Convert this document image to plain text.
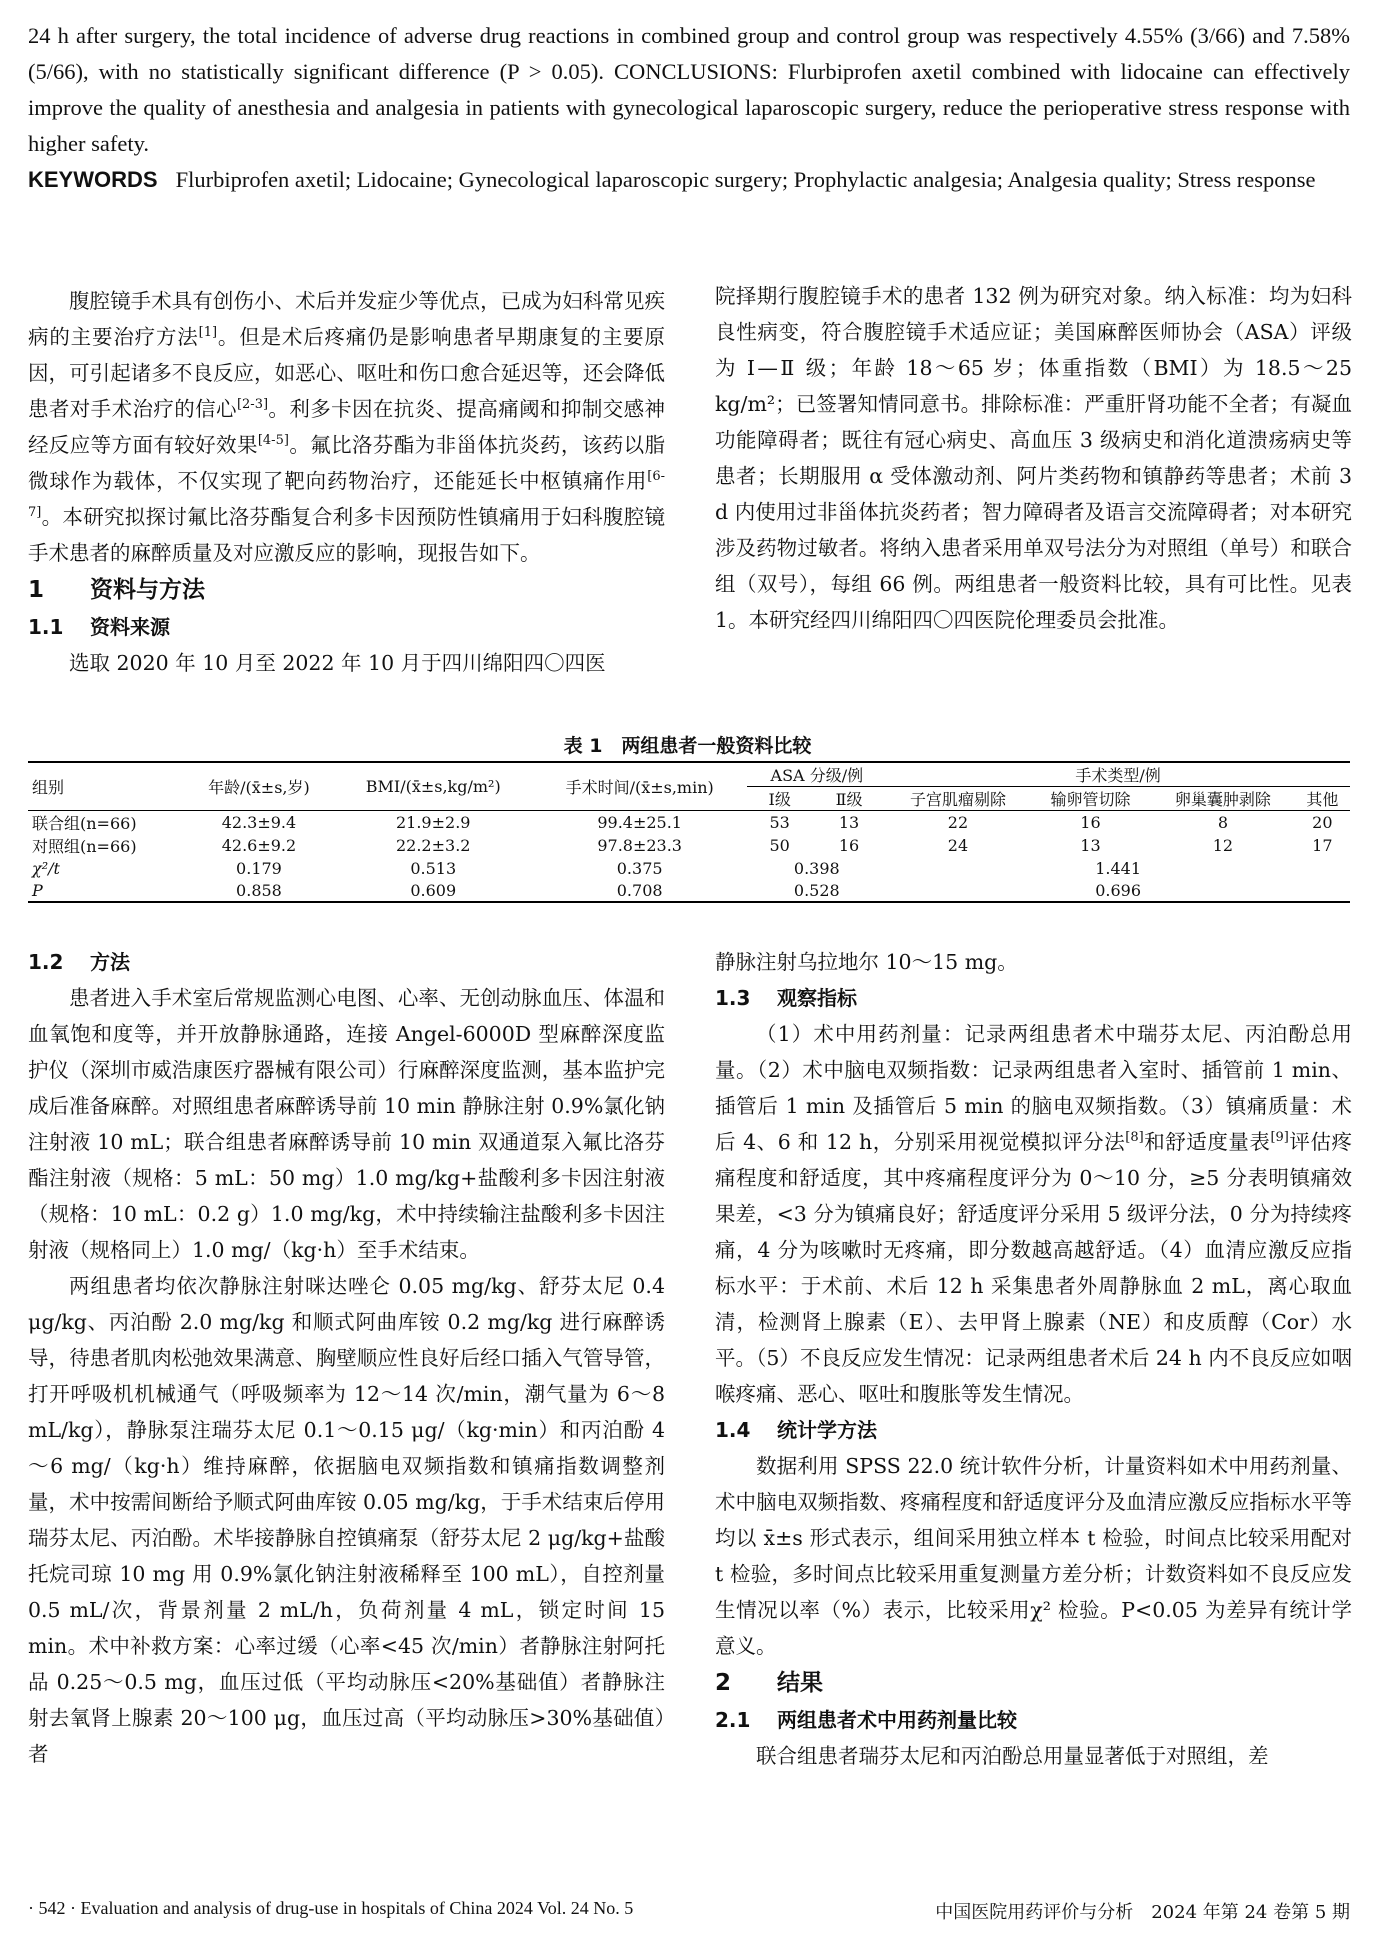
24 h after surgery, the total incidence of adverse drug reactions in combined group and control group was respectively 4.55% (3/66) and 7.58% (5/66), with no statistically significant difference (P > 0.05). CONCLUSIONS: Flurbiprofen axetil combined with lidocaine can effectively improve the quality of anesthesia and analgesia in patients with gynecological laparoscopic surgery, reduce the perioperative stress response with higher safety.
KEYWORDS Flurbiprofen axetil; Lidocaine; Gynecological laparoscopic surgery; Prophylactic analgesia; Analgesia quality; Stress response

腹腔镜手术具有创伤小、术后并发症少等优点，已成为妇科常见疾病的主要治疗方法[1]。但是术后疼痛仍是影响患者早期康复的主要原因，可引起诸多不良反应，如恶心、呕吐和伤口愈合延迟等，还会降低患者对手术治疗的信心[2-3]。利多卡因在抗炎、提高痛阈和抑制交感神经反应等方面有较好效果[4-5]。氟比洛芬酯为非甾体抗炎药，该药以脂微球作为载体，不仅实现了靶向药物治疗，还能延长中枢镇痛作用[6-7]。本研究拟探讨氟比洛芬酯复合利多卡因预防性镇痛用于妇科腹腔镜手术患者的麻醉质量及对应激反应的影响，现报告如下。

1 资料与方法
1.1 资料来源

选取 2020 年 10 月至 2022 年 10 月于四川绵阳四〇四医

院择期行腹腔镜手术的患者 132 例为研究对象。纳入标准：均为妇科良性病变，符合腹腔镜手术适应证；美国麻醉医师协会（ASA）评级为 Ⅰ—Ⅱ 级；年龄 18～65 岁；体重指数（BMI）为 18.5～25 kg/m²；已签署知情同意书。排除标准：严重肝肾功能不全者；有凝血功能障碍者；既往有冠心病史、高血压 3 级病史和消化道溃疡病史等患者；长期服用 α 受体激动剂、阿片类药物和镇静药等患者；术前 3 d 内使用过非甾体抗炎药者；智力障碍者及语言交流障碍者；对本研究涉及药物过敏者。将纳入患者采用单双号法分为对照组（单号）和联合组（双号），每组 66 例。两组患者一般资料比较，具有可比性。见表 1。本研究经四川绵阳四〇四医院伦理委员会批准。

表 1　两组患者一般资料比较
组别	年龄/(x̄±s,岁)	BMI/(x̄±s,kg/m²)	手术时间/(x̄±s,min)	ASA 分级/例		手术类型/例			
				Ⅰ级	Ⅱ级	子宫肌瘤剔除	输卵管切除	卵巢囊肿剥除	其他
联合组(n=66)	42.3±9.4	21.9±2.9	99.4±25.1	53	13	22	16	8	20
对照组(n=66)	42.6±9.2	22.2±3.2	97.8±23.3	50	16	24	13	12	17
χ²/t	0.179	0.513	0.375	0.398		1.441			
P	0.858	0.609	0.708	0.528		0.696			
1.2 方法

患者进入手术室后常规监测心电图、心率、无创动脉血压、体温和血氧饱和度等，并开放静脉通路，连接 Angel-6000D 型麻醉深度监护仪（深圳市威浩康医疗器械有限公司）行麻醉深度监测，基本监护完成后准备麻醉。对照组患者麻醉诱导前 10 min 静脉注射 0.9%氯化钠注射液 10 mL；联合组患者麻醉诱导前 10 min 双通道泵入氟比洛芬酯注射液（规格：5 mL：50 mg）1.0 mg/kg+盐酸利多卡因注射液（规格：10 mL：0.2 g）1.0 mg/kg，术中持续输注盐酸利多卡因注射液（规格同上）1.0 mg/（kg·h）至手术结束。

两组患者均依次静脉注射咪达唑仑 0.05 mg/kg、舒芬太尼 0.4 μg/kg、丙泊酚 2.0 mg/kg 和顺式阿曲库铵 0.2 mg/kg 进行麻醉诱导，待患者肌肉松弛效果满意、胸壁顺应性良好后经口插入气管导管，打开呼吸机机械通气（呼吸频率为 12～14 次/min，潮气量为 6～8 mL/kg），静脉泵注瑞芬太尼 0.1～0.15 μg/（kg·min）和丙泊酚 4～6 mg/（kg·h）维持麻醉，依据脑电双频指数和镇痛指数调整剂量，术中按需间断给予顺式阿曲库铵 0.05 mg/kg，于手术结束后停用瑞芬太尼、丙泊酚。术毕接静脉自控镇痛泵（舒芬太尼 2 μg/kg+盐酸托烷司琼 10 mg 用 0.9%氯化钠注射液稀释至 100 mL），自控剂量 0.5 mL/次，背景剂量 2 mL/h，负荷剂量 4 mL，锁定时间 15 min。术中补救方案：心率过缓（心率<45 次/min）者静脉注射阿托品 0.25～0.5 mg，血压过低（平均动脉压<20%基础值）者静脉注射去氧肾上腺素 20～100 μg，血压过高（平均动脉压>30%基础值）者

静脉注射乌拉地尔 10～15 mg。

1.3 观察指标

（1）术中用药剂量：记录两组患者术中瑞芬太尼、丙泊酚总用量。（2）术中脑电双频指数：记录两组患者入室时、插管前 1 min、插管后 1 min 及插管后 5 min 的脑电双频指数。（3）镇痛质量：术后 4、6 和 12 h，分别采用视觉模拟评分法[8]和舒适度量表[9]评估疼痛程度和舒适度，其中疼痛程度评分为 0～10 分，≥5 分表明镇痛效果差，<3 分为镇痛良好；舒适度评分采用 5 级评分法，0 分为持续疼痛，4 分为咳嗽时无疼痛，即分数越高越舒适。（4）血清应激反应指标水平：于术前、术后 12 h 采集患者外周静脉血 2 mL，离心取血清，检测肾上腺素（E）、去甲肾上腺素（NE）和皮质醇（Cor）水平。（5）不良反应发生情况：记录两组患者术后 24 h 内不良反应如咽喉疼痛、恶心、呕吐和腹胀等发生情况。

1.4 统计学方法

数据利用 SPSS 22.0 统计软件分析，计量资料如术中用药剂量、术中脑电双频指数、疼痛程度和舒适度评分及血清应激反应指标水平等均以 x̄±s 形式表示，组间采用独立样本 t 检验，时间点比较采用配对 t 检验，多时间点比较采用重复测量方差分析；计数资料如不良反应发生情况以率（%）表示，比较采用χ² 检验。P<0.05 为差异有统计学意义。

2 结果
2.1 两组患者术中用药剂量比较

联合组患者瑞芬太尼和丙泊酚总用量显著低于对照组，差

· 542 · Evaluation and analysis of drug-use in hospitals of China 2024 Vol. 24 No. 5	中国医院用药评价与分析　2024 年第 24 卷第 5 期
